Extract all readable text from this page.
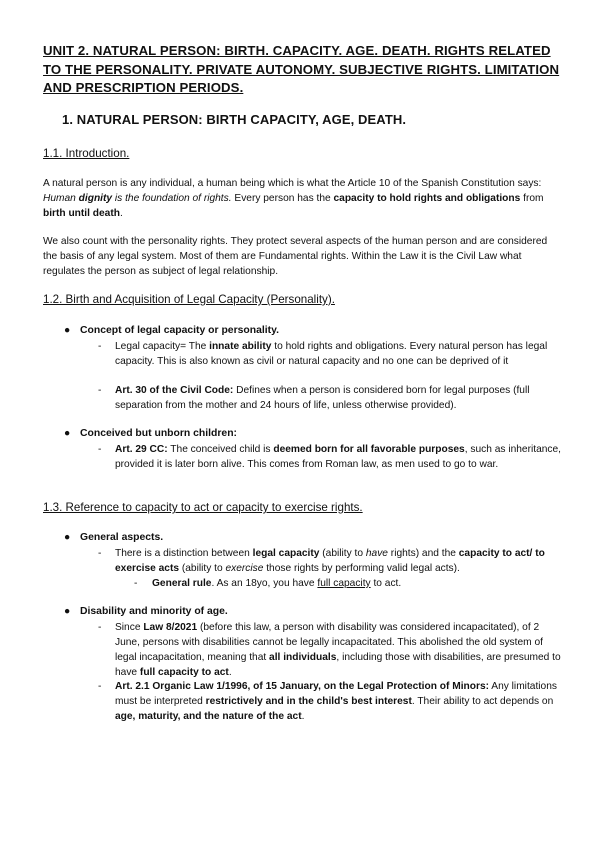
UNIT 2. NATURAL PERSON: BIRTH. CAPACITY. AGE. DEATH. RIGHTS RELATED TO THE PERSONALITY. PRIVATE AUTONOMY. SUBJECTIVE RIGHTS. LIMITATION AND PRESCRIPTION PERIODS.
1. NATURAL PERSON: BIRTH CAPACITY, AGE, DEATH.

1.1. Introduction.

A natural person is any individual, a human being which is what the Article 10 of the Spanish Constitution says: Human dignity is the foundation of rights. Every person has the capacity to hold rights and obligations from birth until death.

We also count with the personality rights. They protect several aspects of the human person and are considered the basis of any legal system. Most of them are Fundamental rights. Within the Law it is the Civil Law what regulates the person as subject of legal relationship.

1.2. Birth and Acquisition of Legal Capacity (Personality).

● Concept of legal capacity or personality.

-	Legal capacity= The innate ability to hold rights and obligations. Every natural person has legal capacity. This is also known as civil or natural capacity and no one can be deprived of it

-	Art. 30 of the Civil Code: Defines when a person is considered born for legal purposes (full separation from the mother and 24 hours of life, unless otherwise provided).

● Conceived but unborn children:

-	Art. 29 CC: The conceived child is deemed born for all favorable purposes, such as inheritance, provided it is later born alive. This comes from Roman law, as men used to go to war.

1.3. Reference to capacity to act or capacity to exercise rights.

● General aspects.

-	There is a distinction between legal capacity (ability to have rights) and the capacity to act/ to exercise acts (ability to exercise those rights by performing valid legal acts).

- General rule. As an 18yo, you have full capacity to act.

● Disability and minority of age.

-	Since Law 8/2021 (before this law, a person with disability was considered incapacitated), of 2 June, persons with disabilities cannot be legally incapacitated. This abolished the old system of legal incapacitation, meaning that all individuals, including those with disabilities, are presumed to have full capacity to act.

-	Art. 2.1 Organic Law 1/1996, of 15 January, on the Legal Protection of Minors: Any limitations must be interpreted restrictively and in the child's best interest. Their ability to act depends on age, maturity, and the nature of the act.
